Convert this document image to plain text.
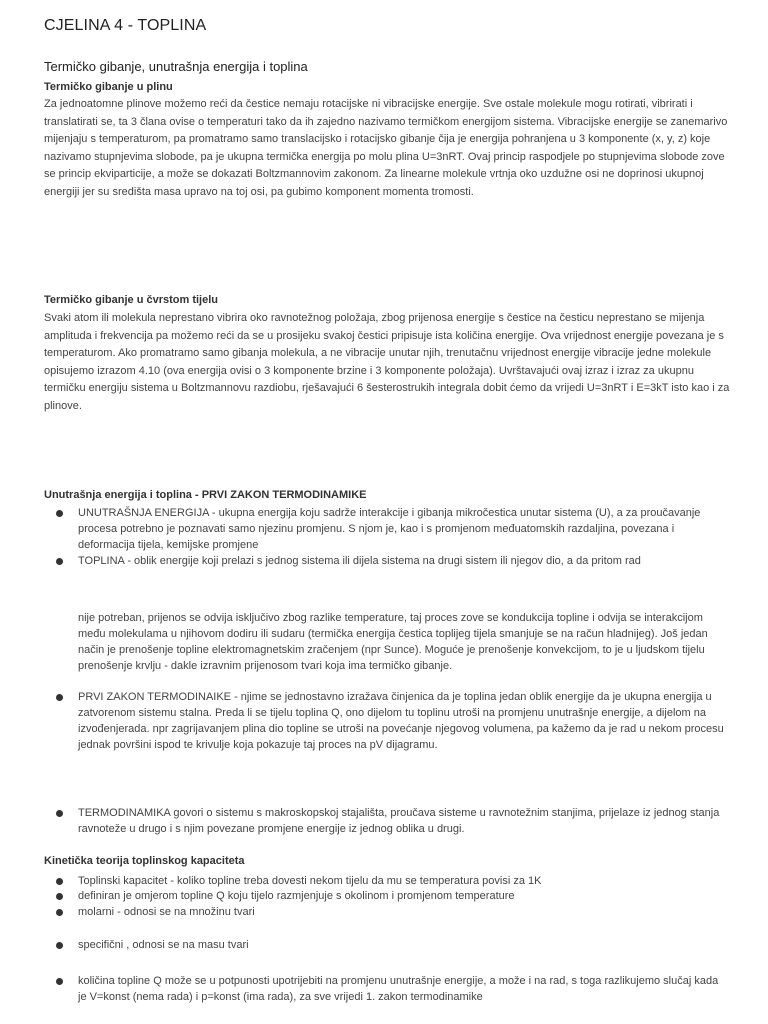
CJELINA 4 - TOPLINA
Termičko gibanje, unutrašnja energija i toplina
Termičko gibanje u plinu
Za jednoatomne plinove možemo reći da čestice nemaju rotacijske ni vibracijske energije. Sve ostale molekule mogu rotirati, vibrirati i translatirati se, ta 3 člana ovise o temperaturi tako da ih zajedno nazivamo termičkom energijom sistema. Vibracijske energije se zanemarivo mijenjaju s temperaturom, pa promatramo samo translacijsko i rotacijsko gibanje čija je energija pohranjena u 3 komponente (x, y, z) koje nazivamo stupnjevima slobode, pa je ukupna termička energija po molu plina U=3nRT. Ovaj princip raspodjele po stupnjevima slobode zove se princip ekviparticije, a može se dokazati Boltzmannovim zakonom. Za linearne molekule vrtnja oko uzdužne osi ne doprinosi ukupnoj energiji jer su središta masa upravo na toj osi, pa gubimo komponent momenta tromosti.
Termičko gibanje u čvrstom tijelu
Svaki atom ili molekula neprestano vibrira oko ravnotežnog položaja, zbog prijenosa energije s čestice na česticu neprestano se mijenja amplituda i frekvencija pa možemo reći da se u prosijeku svakoj čestici pripisuje ista količina energije. Ova vrijednost energije povezana je s temperaturom. Ako promatramo samo gibanja molekula, a ne vibracije unutar njih, trenutačnu vrijednost energije vibracije jedne molekule opisujemo izrazom 4.10 (ova energija ovisi o 3 komponente brzine i 3 komponente položaja). Uvrštavajući ovaj izraz i izraz za ukupnu termičku energiju sistema u Boltzmannovu razdiobu, rješavajući 6 šesterostrukih integrala dobit ćemo da vrijedi U=3nRT i E=3kT isto kao i za plinove.
Unutrašnja energija i toplina - PRVI ZAKON TERMODINAMIKE
UNUTRAŠNJA ENERGIJA - ukupna energija koju sadrže interakcije i gibanja mikročestica unutar sistema (U), a za proučavanje procesa potrebno je poznavati samo njezinu promjenu. S njom je, kao i s promjenom međuatomskih razdaljina, povezana i deformacija tijela, kemijske promjene
TOPLINA - oblik energije koji prelazi s jednog sistema ili dijela sistema na drugi sistem ili njegov dio, a da pritom rad
nije potreban, prijenos se odvija isključivo zbog razlike temperature, taj proces zove se kondukcija topline i odvija se interakcijom među molekulama u njihovom dodiru ili sudaru (termička energija čestica toplijeg tijela smanjuje se na račun hladnijeg). Još jedan način je prenošenje topline elektromagnetskim zračenjem (npr Sunce). Moguće je prenošenje konvekcijom, to je u ljudskom tijelu prenošenje krvlju - dakle izravnim prijenosom tvari koja ima termičko gibanje.
PRVI ZAKON TERMODINAIKE - njime se jednostavno izražava činjenica da je toplina jedan oblik energije da je ukupna energija u zatvorenom sistemu stalna. Preda li se tijelu toplina Q, ono dijelom tu toplinu utroši na promjenu unutrašnje energije, a dijelom na izvođenjerada. npr zagrijavanjem plina dio topline se utroši na povećanje njegovog volumena, pa kažemo da je rad u nekom procesu jednak površini ispod te krivulje koja pokazuje taj proces na pV dijagramu.
TERMODINAMIKA govori o sistemu s makroskopskoj stajališta, proučava sisteme u ravnotežnim stanjima, prijelaze iz jednog stanja ravnoteže u drugo i s njim povezane promjene energije iz jednog oblika u drugi.
Kinetička teorija toplinskog kapaciteta
Toplinski kapacitet - koliko topline treba dovesti nekom tijelu da mu se temperatura povisi za 1K
definiran je omjerom topline Q koju tijelo razmjenjuje s okolinom i promjenom temperature
molarni - odnosi se na množinu tvari
specifični , odnosi se na masu tvari
količina topline Q može se u potpunosti upotrijebiti na promjenu unutrašnje energije, a može i na rad, s toga razlikujemo slučaj kada je V=konst (nema rada) i p=konst (ima rada), za sve vrijedi 1. zakon termodinamike
